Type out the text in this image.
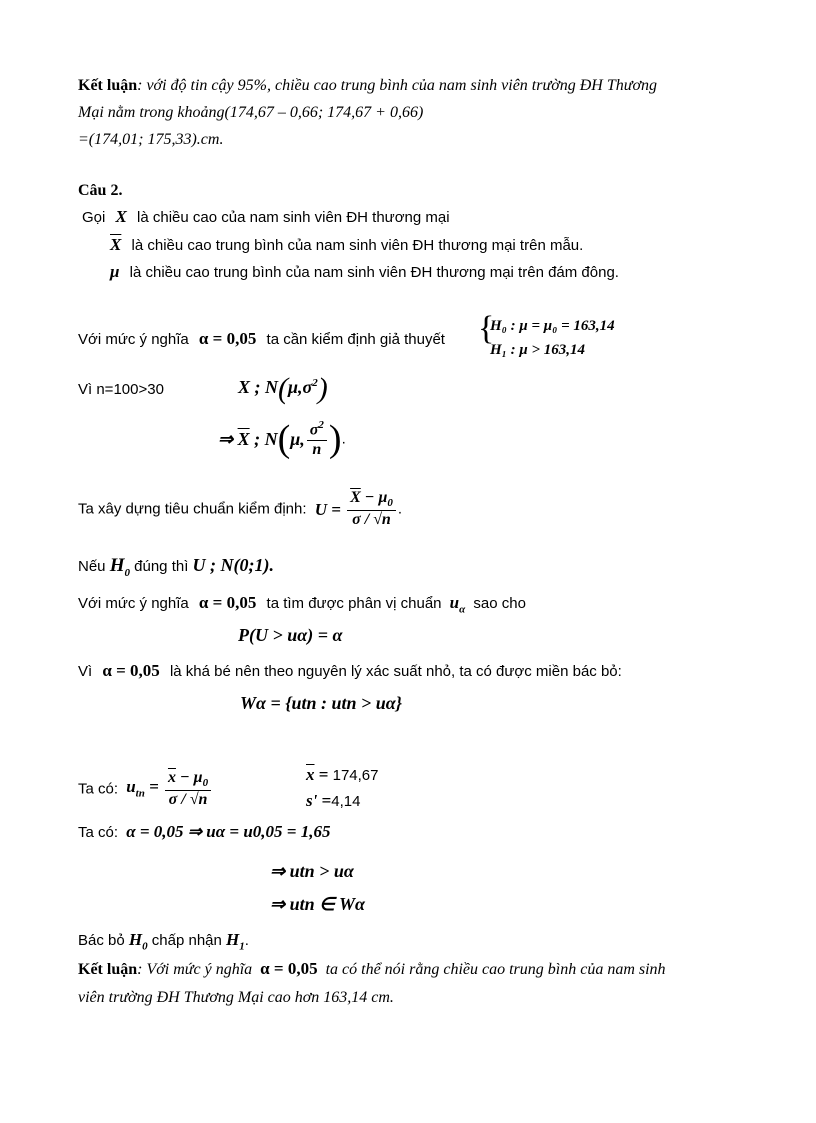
Kết luận: với độ tin cậy 95%, chiều cao trung bình của nam sinh viên trường ĐH Thương
Mại nằm trong khoảng(174,67 – 0,66; 174,67 + 0,66)
=(174,01; 175,33).cm.
Câu 2.
Gọi X là chiều cao của nam sinh viên ĐH thương mại
$\overline{X}$ là chiều cao trung bình của nam sinh viên ĐH thương mại trên mẫu.
μ là chiều cao trung bình của nam sinh viên ĐH thương mại trên đám đông.
Với mức ý nghĩa α = 0,05 ta cần kiểm định giả thuyết {
H₀ : μ = μ₀ = 163,14
H₁ : μ > 163,14
Vì n=100>30	X ; $N(\mu,\sigma^2)$
⇒ $\overline{X}$ ; N(μ, $\frac{\sigma^2}{n}$ ).
Ta xây dựng tiêu chuẩn kiểm định: $U = \frac{\overline{X} - \mu_0}{\sigma / √n}$ .
Nếu $H_0$ đúng thì U ; N(0;1).
Với mức ý nghĩa α = 0,05 ta tìm được phân vị chuẩn $u_\alpha$ sao cho
P(U > uα) = α
Vì α = 0,05 là khá bé nên theo nguyên lý xác suất nhỏ, ta có được miền bác bỏ:
Wα = {utn : utn > uα}
Ta có: $u_{tn} = \frac{\overline{x} - \mu_0}{\sigma / √n}$	$\overline{x} = 174,67$
s' =4,14
Ta có: α = 0,05 ⇒ uα = u0,05 = 1,65
⇒ utn > uα
⇒ utn ∈ Wα
Bác bỏ $H_0$ chấp nhận $H_1$.
Kết luận: Với mức ý nghĩa α = 0,05 ta có thể nói rằng chiều cao trung bình của nam sinh
viên trường ĐH Thương Mại cao hơn 163,14 cm.
